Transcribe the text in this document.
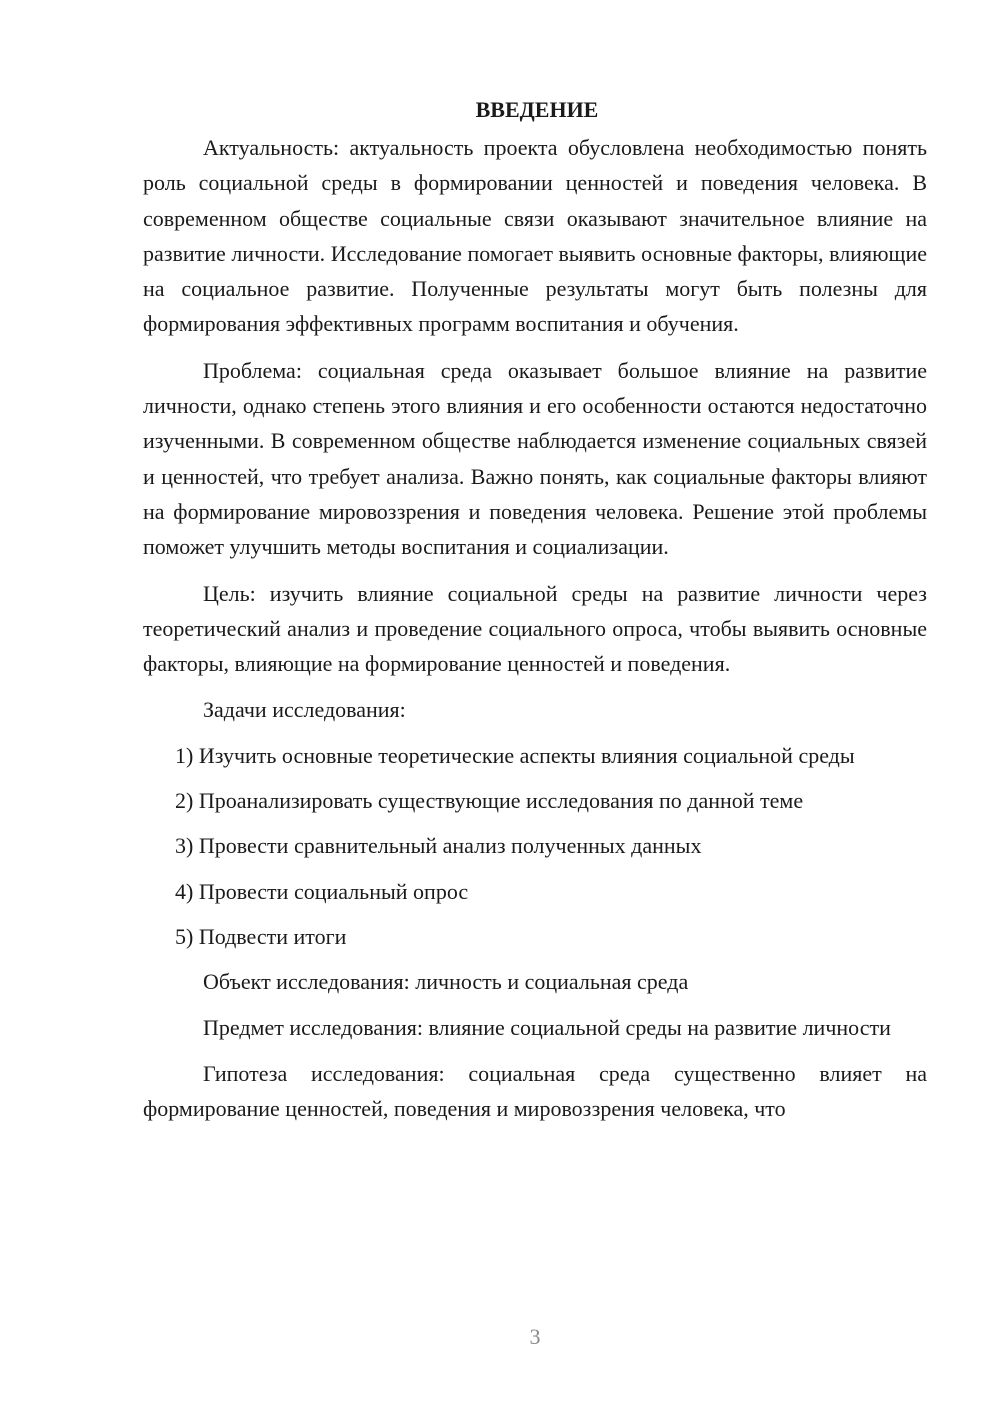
ВВЕДЕНИЕ

Актуальность: актуальность проекта обусловлена необходимостью понять роль социальной среды в формировании ценностей и поведения человека. В современном обществе социальные связи оказывают значительное влияние на развитие личности. Исследование помогает выявить основные факторы, влияющие на социальное развитие. Полученные результаты могут быть полезны для формирования эффективных программ воспитания и обучения.

Проблема: социальная среда оказывает большое влияние на развитие личности, однако степень этого влияния и его особенности остаются недостаточно изученными. В современном обществе наблюдается изменение социальных связей и ценностей, что требует анализа. Важно понять, как социальные факторы влияют на формирование мировоззрения и поведения человека. Решение этой проблемы поможет улучшить методы воспитания и социализации.

Цель: изучить влияние социальной среды на развитие личности через теоретический анализ и проведение социального опроса, чтобы выявить основные факторы, влияющие на формирование ценностей и поведения.

Задачи исследования:

1) Изучить основные теоретические аспекты влияния социальной среды

2) Проанализировать существующие исследования по данной теме

3) Провести сравнительный анализ полученных данных

4) Провести социальный опрос

5) Подвести итоги

Объект исследования: личность и социальная среда

Предмет исследования: влияние социальной среды на развитие личности

Гипотеза исследования: социальная среда существенно влияет на формирование ценностей, поведения и мировоззрения человека, что

3
